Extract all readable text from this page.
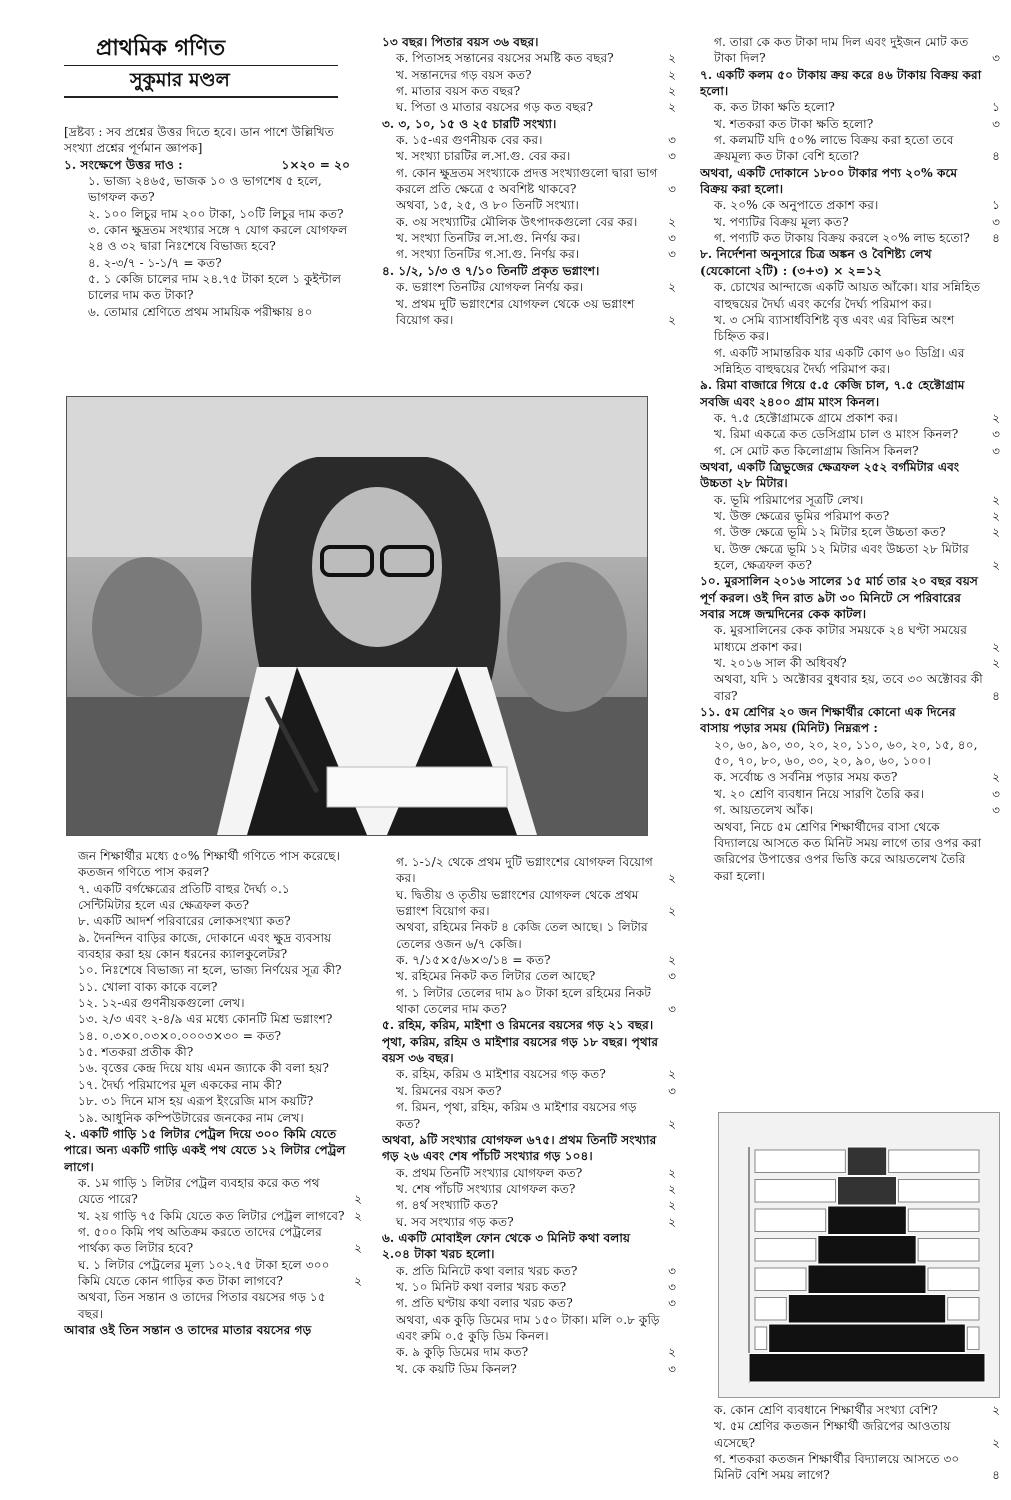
প্রাথমিক গণিত
সুকুমার মণ্ডল
[দ্রষ্টব্য : সব প্রশ্নের উত্তর দিতে হবে। ডান পাশে উল্লিখিত সংখ্যা প্রশ্নের পূর্ণমান জ্ঞাপক]
১. সংক্ষেপে উত্তর দাও :	১×২০ = ২০
১. ভাজ্য ২৪৬৫, ভাজক ১০ ও ভাগশেষ ৫ হলে, ভাগফল কত?
২. ১০০ লিচুর দাম ২০০ টাকা, ১০টি লিচুর দাম কত?
৩. কোন ক্ষুদ্রতম সংখ্যার সঙ্গে ৭ যোগ করলে যোগফল ২৪ ও ৩২ দ্বারা নিঃশেষে বিভাজ্য হবে?
৪. ২-৩/৭ - ১-১/৭ = কত?
৫. ১ কেজি চালের দাম ২৪.৭৫ টাকা হলে ১ কুইন্টাল চালের দাম কত টাকা?
৬. তোমার শ্রেণিতে প্রথম সাময়িক পরীক্ষায় ৪০
১৩ বছর। পিতার বয়স ৩৬ বছর।
ক. পিতাসহ সন্তানের বয়সের সমষ্টি কত বছর?	২
খ. সন্তানদের গড় বয়স কত?	২
গ. মাতার বয়স কত বছর?	২
ঘ. পিতা ও মাতার বয়সের গড় কত বছর?	২
৩. ৩, ১০, ১৫ ও ২৫ চারটি সংখ্যা।
ক. ১৫-এর গুণনীয়ক বের কর।	৩
খ. সংখ্যা চারটির ল.সা.গু. বের কর।	৩
গ. কোন ক্ষুদ্রতম সংখ্যাকে প্রদত্ত সংখ্যাগুলো দ্বারা ভাগ করলে প্রতি ক্ষেত্রে ৫ অবশিষ্ট থাকবে?	৩
অথবা, ১৫, ২৫, ও ৮০ তিনটি সংখ্যা।
ক. ৩য় সংখ্যাটির মৌলিক উৎপাদকগুলো বের কর।	২
খ. সংখ্যা তিনটির ল.সা.গু. নির্ণয় কর।	৩
গ. সংখ্যা তিনটির গ.সা.গু. নির্ণয় কর।	৩
৪. ১/২, ১/৩ ও ৭/১০ তিনটি প্রকৃত ভগ্নাংশ।
ক. ভগ্নাংশ তিনটির যোগফল নির্ণয় কর।	২
খ. প্রথম দুটি ভগ্নাংশের যোগফল থেকে ৩য় ভগ্নাংশ বিয়োগ কর।	২
গ. তারা কে কত টাকা দাম দিল এবং দুইজন মোট কত টাকা দিল?	৩
৭. একটি কলম ৫০ টাকায় ক্রয় করে ৪৬ টাকায় বিক্রয় করা হলো।
ক. কত টাকা ক্ষতি হলো?	১
খ. শতকরা কত টাকা ক্ষতি হলো?	৩
গ. কলমটি যদি ৫০% লাভে বিক্রয় করা হতো তবে ক্রয়মূল্য কত টাকা বেশি হতো?	৪
অথবা, একটি দোকানে ১৮০০ টাকার পণ্য ২০% কমে বিক্রয় করা হলো।
ক. ২০% কে অনুপাতে প্রকাশ কর।	১
খ. পণ্যটির বিক্রয় মূল্য কত?	৩
গ. পণ্যটি কত টাকায় বিক্রয় করলে ২০% লাভ হতো? ৪
৮. নির্দেশনা অনুসারে চিত্র অঙ্কন ও বৈশিষ্ট্য লেখ (যেকোনো ২টি) : (৩+৩) × ২=১২
ক. চোখের আন্দাজে একটি আয়ত আঁকো। যার সন্নিহিত বাহুদ্বয়ের দৈর্ঘ্য এবং কর্ণের দৈর্ঘ্য পরিমাপ কর।
খ. ৩ সেমি ব্যাসার্ধবিশিষ্ট বৃত্ত এবং এর বিভিন্ন অংশ চিহ্নিত কর।
গ. একটি সামান্তরিক যার একটি কোণ ৬০ ডিগ্রি। এর সন্নিহিত বাহুদ্বয়ের দৈর্ঘ্য পরিমাপ কর।
৯. রিমা বাজারে গিয়ে ৫.৫ কেজি চাল, ৭.৫ হেক্টোগ্রাম সবজি এবং ২৪০০ গ্রাম মাংস কিনল।
ক. ৭.৫ হেক্টোগ্রামকে গ্রামে প্রকাশ কর।	২
খ. রিমা একত্রে কত ডেসিগ্রাম চাল ও মাংস কিনল?	৩
গ. সে মোট কত কিলোগ্রাম জিনিস কিনল?	৩
অথবা, একটি ত্রিভুজের ক্ষেত্রফল ২৫২ বর্গমিটার এবং উচ্চতা ২৮ মিটার।
ক. ভূমি পরিমাপের সূত্রটি লেখ।	২
খ. উক্ত ক্ষেত্রের ভূমির পরিমাপ কত?	২
গ. উক্ত ক্ষেত্রে ভূমি ১২ মিটার হলে উচ্চতা কত?	২
ঘ. উক্ত ক্ষেত্রে ভূমি ১২ মিটার এবং উচ্চতা ২৮ মিটার হলে, ক্ষেত্রফল কত?	২
১০. মুরসালিন ২০১৬ সালের ১৫ মার্চ তার ২০ বছর বয়স পূর্ণ করল। ওই দিন রাত ৯টা ৩০ মিনিটে সে পরিবারের সবার সঙ্গে জন্মদিনের কেক কাটল।
ক. মুরসালিনের কেক কাটার সময়কে ২৪ ঘণ্টা সময়ের মাধ্যমে প্রকাশ কর।	২
খ. ২০১৬ সাল কী অধিবর্ষ?	২
অথবা, যদি ১ অক্টোবর বুধবার হয়, তবে ৩০ অক্টোবর কী বার?	৪
১১. ৫ম শ্রেণির ২০ জন শিক্ষার্থীর কোনো এক দিনের বাসায় পড়ার সময় (মিনিট) নিম্নরূপ :
২০, ৬০, ৯০, ৩০, ২০, ২০, ১১০, ৬০, ২০, ১৫, ৪০, ৫০, ৭০, ৮০, ৬০, ৩০, ২০, ৯০, ৬০, ১০০।
ক. সর্বোচ্চ ও সর্বনিম্ন পড়ার সময় কত?	২
খ. ২০ শ্রেণি ব্যবধান নিয়ে সারণি তৈরি কর।	৩
গ. আয়তলেখ আঁক।	৩
অথবা, নিচে ৫ম শ্রেণির শিক্ষার্থীদের বাসা থেকে বিদ্যালয়ে আসতে কত মিনিট সময় লাগে তার ওপর করা জরিপের উপাত্তের ওপর ভিত্তি করে আয়তলেখ তৈরি করা হলো।
জন শিক্ষার্থীর মধ্যে ৫০% শিক্ষার্থী গণিতে পাস করেছে। কতজন গণিতে পাস করল?
৭. একটি বর্গক্ষেত্রের প্রতিটি বাহুর দৈর্ঘ্য ০.১ সেন্টিমিটার হলে এর ক্ষেত্রফল কত?
৮. একটি আদর্শ পরিবারের লোকসংখ্যা কত?
৯. দৈনন্দিন বাড়ির কাজে, দোকানে এবং ক্ষুদ্র ব্যবসায় ব্যবহার করা হয় কোন ধরনের ক্যালকুলেটর?
১০. নিঃশেষে বিভাজ্য না হলে, ভাজ্য নির্ণয়ের সূত্র কী?
১১. খোলা বাক্য কাকে বলে?
১২. ১২-এর গুণনীয়কগুলো লেখ।
১৩. ২/৩ এবং ২-৪/৯ এর মধ্যে কোনটি মিশ্র ভগ্নাংশ?
১৪. ০.৩×০.০৩×০.০০০৩×৩০ = কত?
১৫. শতকরা প্রতীক কী?
১৬. বৃত্তের কেন্দ্র দিয়ে যায় এমন জ্যাকে কী বলা হয়?
১৭. দৈর্ঘ্য পরিমাপের মূল এককের নাম কী?
১৮. ৩১ দিনে মাস হয় এরূপ ইংরেজি মাস কয়টি?
১৯. আধুনিক কম্পিউটারের জনকের নাম লেখ।
২. একটি গাড়ি ১৫ লিটার পেট্রল দিয়ে ৩০০ কিমি যেতে পারে। অন্য একটি গাড়ি একই পথ যেতে ১২ লিটার পেট্রল লাগে।
ক. ১ম গাড়ি ১ লিটার পেট্রল ব্যবহার করে কত পথ যেতে পারে?	২
খ. ২য় গাড়ি ৭৫ কিমি যেতে কত লিটার পেট্রল লাগবে? ২
গ. ৫০০ কিমি পথ অতিক্রম করতে তাদের পেট্রলের পার্থক্য কত লিটার হবে?	২
ঘ. ১ লিটার পেট্রলের মূল্য ১০২.৭৫ টাকা হলে ৩০০ কিমি যেতে কোন গাড়ির কত টাকা লাগবে?	২
অথবা, তিন সন্তান ও তাদের পিতার বয়সের গড় ১৫ বছর।
আবার ওই তিন সন্তান ও তাদের মাতার বয়সের গড়
গ. ১-১/২ থেকে প্রথম দুটি ভগ্নাংশের যোগফল বিয়োগ কর।	২
ঘ. দ্বিতীয় ও তৃতীয় ভগ্নাংশের যোগফল থেকে প্রথম ভগ্নাংশ বিয়োগ কর।	২
অথবা, রহিমের নিকট ৪ কেজি তেল আছে। ১ লিটার তেলের ওজন ৬/৭ কেজি।
ক. ৭/১৫×৫/৬×৩/১৪ = কত?	২
খ. রহিমের নিকট কত লিটার তেল আছে?	৩
গ. ১ লিটার তেলের দাম ৯০ টাকা হলে রহিমের নিকট থাকা তেলের দাম কত?	৩
৫. রহিম, করিম, মাইশা ও রিমনের বয়সের গড় ২১ বছর। পৃথা, করিম, রহিম ও মাইশার বয়সের গড় ১৮ বছর। পৃথার বয়স ৩৬ বছর।
ক. রহিম, করিম ও মাইশার বয়সের গড় কত?	২
খ. রিমনের বয়স কত?	৩
গ. রিমন, পৃথা, রহিম, করিম ও মাইশার বয়সের গড় কত?	২
অথবা, ৯টি সংখ্যার যোগফল ৬৭৫। প্রথম তিনটি সংখ্যার গড় ২৬ এবং শেষ পাঁচটি সংখ্যার গড় ১০৪।
ক. প্রথম তিনটি সংখ্যার যোগফল কত?	২
খ. শেষ পাঁচটি সংখ্যার যোগফল কত?	২
গ. ৪র্থ সংখ্যাটি কত?	২
ঘ. সব সংখ্যার গড় কত?	২
৬. একটি মোবাইল ফোন থেকে ৩ মিনিট কথা বলায় ২.০৪ টাকা খরচ হলো।
ক. প্রতি মিনিটে কথা বলার খরচ কত?	৩
খ. ১০ মিনিট কথা বলার খরচ কত?	৩
গ. প্রতি ঘণ্টায় কথা বলার খরচ কত?	৩
অথবা, এক কুড়ি ডিমের দাম ১৫০ টাকা। মলি ০.৮ কুড়ি এবং রুমি ০.৫ কুড়ি ডিম কিনল।
ক. ৯ কুড়ি ডিমের দাম কত?	২
খ. কে কয়টি ডিম কিনল?	৩
ক. কোন শ্রেণি ব্যবধানে শিক্ষার্থীর সংখ্যা বেশি?	২
খ. ৫ম শ্রেণির কতজন শিক্ষার্থী জরিপের আওতায় এসেছে?	২
গ. শতকরা কতজন শিক্ষার্থীর বিদ্যালয়ে আসতে ৩০ মিনিট বেশি সময় লাগে?	৪
